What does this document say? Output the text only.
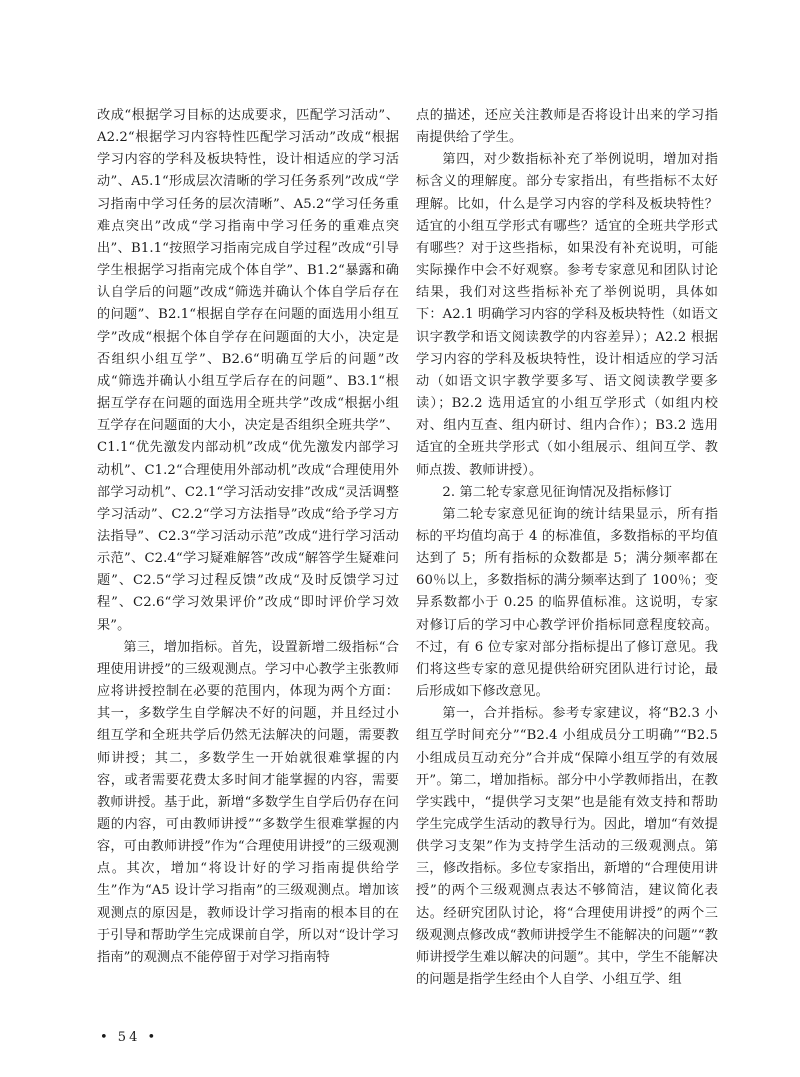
改成“根据学习目标的达成要求，匹配学习活动”、A2.2“根据学习内容特性匹配学习活动”改成“根据学习内容的学科及板块特性，设计相适应的学习活动”、A5.1“形成层次清晰的学习任务系列”改成“学习指南中学习任务的层次清晰”、A5.2“学习任务重难点突出”改成“学习指南中学习任务的重难点突出”、B1.1“按照学习指南完成自学过程”改成“引导学生根据学习指南完成个体自学”、B1.2“暴露和确认自学后的问题”改成“筛选并确认个体自学后存在的问题”、B2.1“根据自学存在问题的面选用小组互学”改成“根据个体自学存在问题面的大小，决定是否组织小组互学”、B2.6“明确互学后的问题”改成“筛选并确认小组互学后存在的问题”、B3.1“根据互学存在问题的面选用全班共学”改成“根据小组互学存在问题面的大小，决定是否组织全班共学”、C1.1“优先激发内部动机”改成“优先激发内部学习动机”、C1.2“合理使用外部动机”改成“合理使用外部学习动机”、C2.1“学习活动安排”改成“灵活调整学习活动”、C2.2“学习方法指导”改成“给予学习方法指导”、C2.3“学习活动示范”改成“进行学习活动示范”、C2.4“学习疑难解答”改成“解答学生疑难问题”、C2.5“学习过程反馈”改成“及时反馈学习过程”、C2.6“学习效果评价”改成“即时评价学习效果”。

第三，增加指标。首先，设置新增二级指标“合理使用讲授”的三级观测点。学习中心教学主张教师应将讲授控制在必要的范围内，体现为两个方面：其一，多数学生自学解决不好的问题，并且经过小组互学和全班共学后仍然无法解决的问题，需要教师讲授；其二，多数学生一开始就很难掌握的内容，或者需要花费太多时间才能掌握的内容，需要教师讲授。基于此，新增“多数学生自学后仍存在问题的内容，可由教师讲授”“多数学生很难掌握的内容，可由教师讲授”作为“合理使用讲授”的三级观测点。其次，增加“将设计好的学习指南提供给学生”作为“A5 设计学习指南”的三级观测点。增加该观测点的原因是，教师设计学习指南的根本目的在于引导和帮助学生完成课前自学，所以对“设计学习指南”的观测点不能停留于对学习指南特

点的描述，还应关注教师是否将设计出来的学习指南提供给了学生。

第四，对少数指标补充了举例说明，增加对指标含义的理解度。部分专家指出，有些指标不太好理解。比如，什么是学习内容的学科及板块特性？适宜的小组互学形式有哪些？适宜的全班共学形式有哪些？对于这些指标，如果没有补充说明，可能实际操作中会不好观察。参考专家意见和团队讨论结果，我们对这些指标补充了举例说明，具体如下：A2.1 明确学习内容的学科及板块特性（如语文识字教学和语文阅读教学的内容差异）；A2.2 根据学习内容的学科及板块特性，设计相适应的学习活动（如语文识字教学要多写、语文阅读教学要多读）；B2.2 选用适宜的小组互学形式（如组内校对、组内互查、组内研讨、组内合作）；B3.2 选用适宜的全班共学形式（如小组展示、组间互学、教师点拨、教师讲授）。

2. 第二轮专家意见征询情况及指标修订

第二轮专家意见征询的统计结果显示，所有指标的平均值均高于 4 的标准值，多数指标的平均值达到了 5；所有指标的众数都是 5；满分频率都在 60％以上，多数指标的满分频率达到了 100％；变异系数都小于 0.25 的临界值标准。这说明，专家对修订后的学习中心教学评价指标同意程度较高。不过，有 6 位专家对部分指标提出了修订意见。我们将这些专家的意见提供给研究团队进行讨论，最后形成如下修改意见。

第一，合并指标。参考专家建议，将“B2.3 小组互学时间充分”“B2.4 小组成员分工明确”“B2.5 小组成员互动充分”合并成“保障小组互学的有效展开”。第二，增加指标。部分中小学教师指出，在教学实践中，“提供学习支架”也是能有效支持和帮助学生完成学生活动的教导行为。因此，增加“有效提供学习支架”作为支持学生活动的三级观测点。第三，修改指标。多位专家指出，新增的“合理使用讲授”的两个三级观测点表达不够简洁，建议简化表达。经研究团队讨论，将“合理使用讲授”的两个三级观测点修改成“教师讲授学生不能解决的问题”“教师讲授学生难以解决的问题”。其中，学生不能解决的问题是指学生经由个人自学、小组互学、组

• 54 •
